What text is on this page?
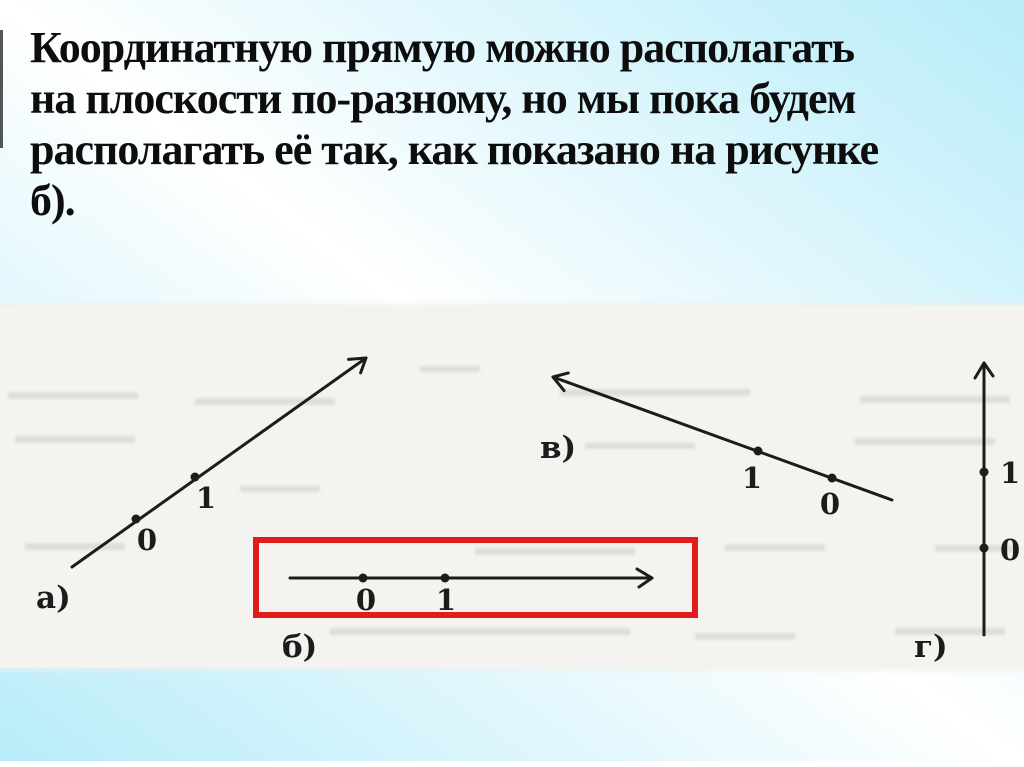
Координатную прямую можно располагать
на плоскости по-разному, но мы пока будем
располагать её так, как показано на рисунке
б).
0
1
а)	0 1
б)
1
0
в)
1
0
г)
